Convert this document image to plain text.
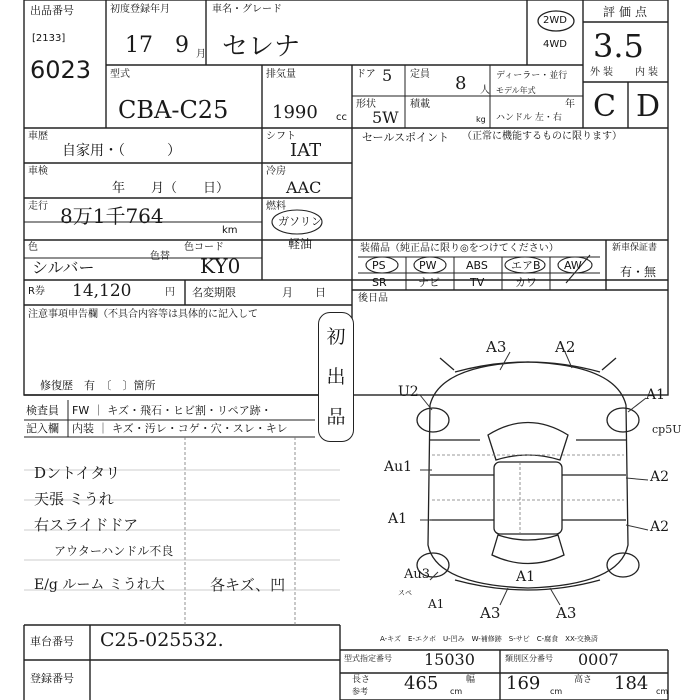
出品番号
[2133]
6023
初度登録年月
17 9 月
車名・グレード
セレナ
2WD
4WD
評価点
3.5
型式
CBA-C25
排気量
1990 cc
ドア 5 定員 8 人
ディーラー・並行
形状
5W
積載
kg
モデル年式
年
ハンドル 左・右
外装 内装
C D
車歴
自家用・（　　　）
シフト
IAT
セールスポイント （正常に機能するものに限ります）
車検
年　　月（　　日）
冷房
AAC
走行 8万1千764
km
燃料
ガソリン
軽油
色
シルバー
色替
色コード
KY0
装備品（純正品に限り◎をつけてください）	新車保証書
有・無
PS	PW	ABS エアB AW
SR	ナビ	TV	カワ
R券 14,120	円 名変期限	月　　日	後日品
注意事項申告欄（不具合内容等は具体的に記入して
修復歴　有　〔　〕箇所
初
出
品
検査員 FW ｜ キズ・飛石・ヒビ割・リペア跡・
記入欄 内装 ｜ キズ・汚レ・コゲ・穴・スレ・キレ
Dントイタリ
天張 ミうれ
右スライドドア
アウターハンドル不良
E/g ルーム ミうれ大	各キズ、凹
A3	A2
U2	A1
cp5U
Au1
A2
A1	A2
A1
Au3
A1 A3	A3
スペ
A-キズ　E-エクボ　U-凹み　W-補修跡　S-サビ　C-腐食　XX-交換済
車台番号 C25-025532.
登録番号
型式指定番号 15030	類別区分番号 0007
長さ
参考 465 cm
幅 169 cm
高さ 184 cm
